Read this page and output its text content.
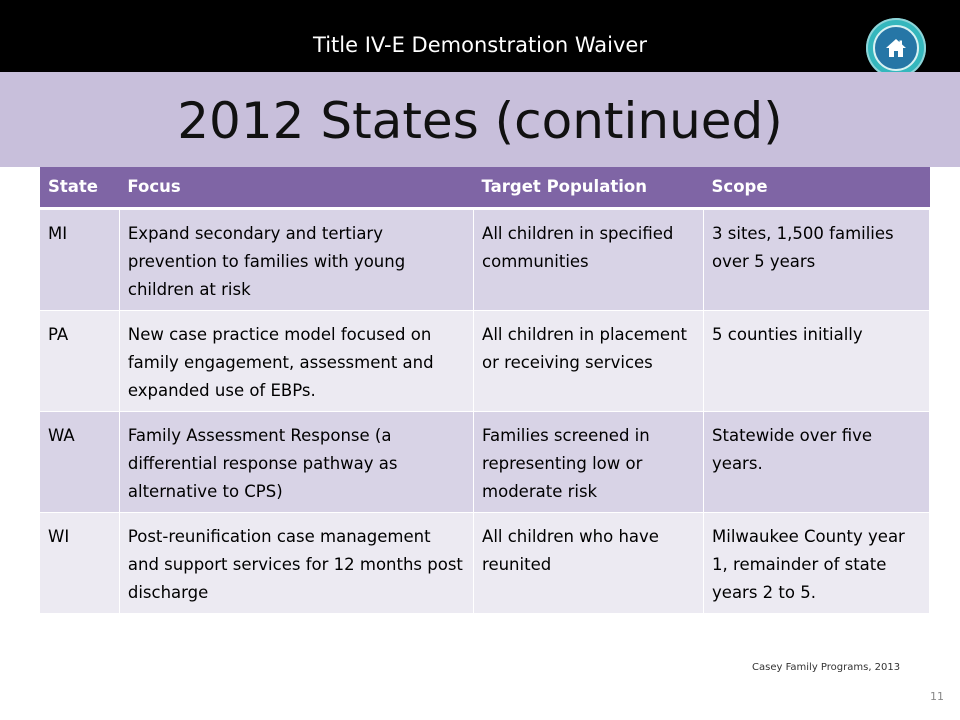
Title IV-E Demonstration Waiver
2012 States (continued)
State	Focus	Target Population	Scope
MI	Expand secondary and tertiary prevention to families with young children at risk	All children in specified communities	3 sites, 1,500 families over 5 years
PA	New case practice model focused on family engagement, assessment and expanded use of EBPs.	All children in placement or receiving services	5 counties initially
WA	Family Assessment Response (a differential response pathway as alternative to CPS)	Families screened in representing low or moderate risk	Statewide over five years.
WI	Post-reunification case management and support services for 12 months post discharge	All children who have reunited	Milwaukee County year 1, remainder of state years 2 to 5.
Casey Family Programs, 2013
11
